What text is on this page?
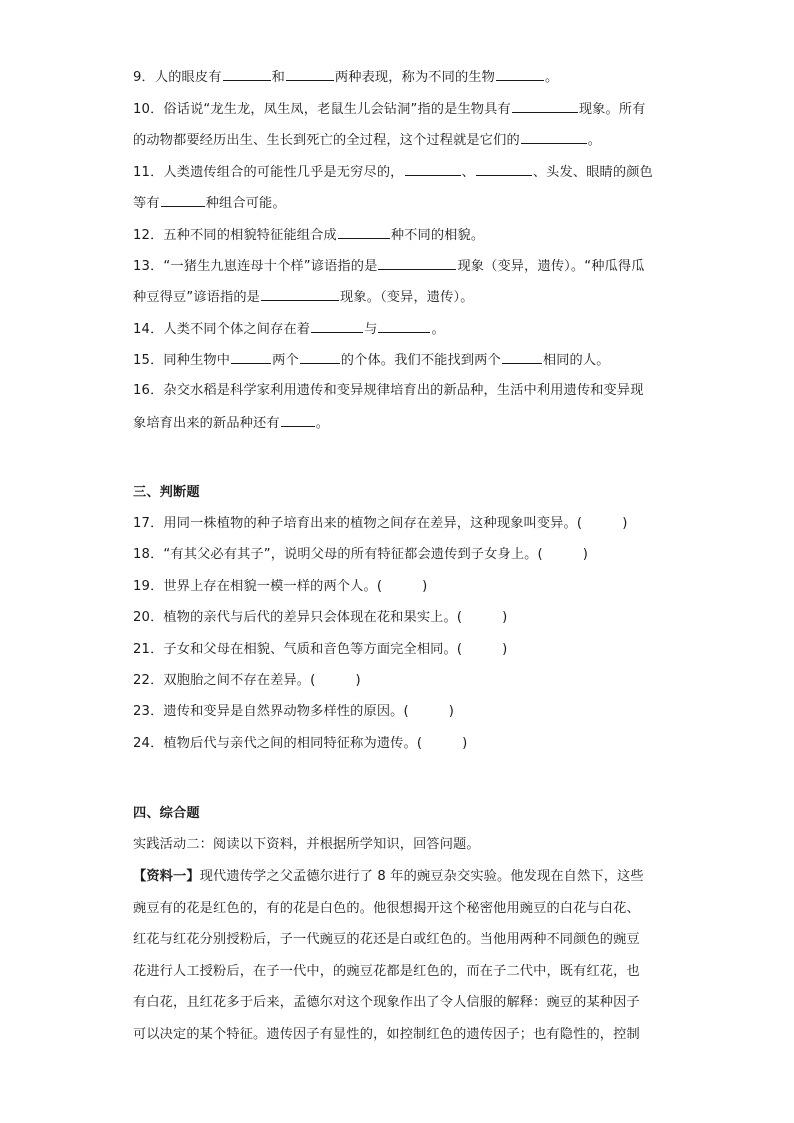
9．人的眼皮有	和	两种表现，称为不同的生物	。
10．俗话说“龙生龙，凤生凤，老鼠生儿会钻洞”指的是生物具有	现象。所有
的动物都要经历出生、生长到死亡的全过程，这个过程就是它们的	。
11．人类遗传组合的可能性几乎是无穷尽的，	、	、头发、眼睛的颜色
等有	种组合可能。
12．五种不同的相貌特征能组合成	种不同的相貌。
13．“一猪生九崽连母十个样”谚语指的是	现象（变异，遗传）。“种瓜得瓜
种豆得豆”谚语指的是	现象。（变异，遗传）。
14．人类不同个体之间存在着	与	。
15．同种生物中	两个	的个体。我们不能找到两个	相同的人。
16．杂交水稻是科学家利用遗传和变异规律培育出的新品种，生活中利用遗传和变异现
象培育出来的新品种还有	。
三、判断题
17．用同一株植物的种子培育出来的植物之间存在差异，这种现象叫变异。(	)
18．“有其父必有其子”，说明父母的所有特征都会遗传到子女身上。(	)
19．世界上存在相貌一模一样的两个人。(	)
20．植物的亲代与后代的差异只会体现在花和果实上。(	)
21．子女和父母在相貌、气质和音色等方面完全相同。(	)
22．双胞胎之间不存在差异。(	)
23．遗传和变异是自然界动物多样性的原因。(	)
24．植物后代与亲代之间的相同特征称为遗传。(	)
四、综合题
实践活动二：阅读以下资料，并根据所学知识，回答问题。
【资料一】现代遗传学之父孟德尔进行了 8 年的豌豆杂交实验。他发现在自然下，这些
豌豆有的花是红色的，有的花是白色的。他很想揭开这个秘密他用豌豆的白花与白花、
红花与红花分别授粉后，子一代豌豆的花还是白或红色的。当他用两种不同颜色的豌豆
花进行人工授粉后，在子一代中，的豌豆花都是红色的，而在子二代中，既有红花，也
有白花，且红花多于后来，孟德尔对这个现象作出了令人信服的解释：豌豆的某种因子
可以决定的某个特征。遗传因子有显性的，如控制红色的遗传因子；也有隐性的，控制
